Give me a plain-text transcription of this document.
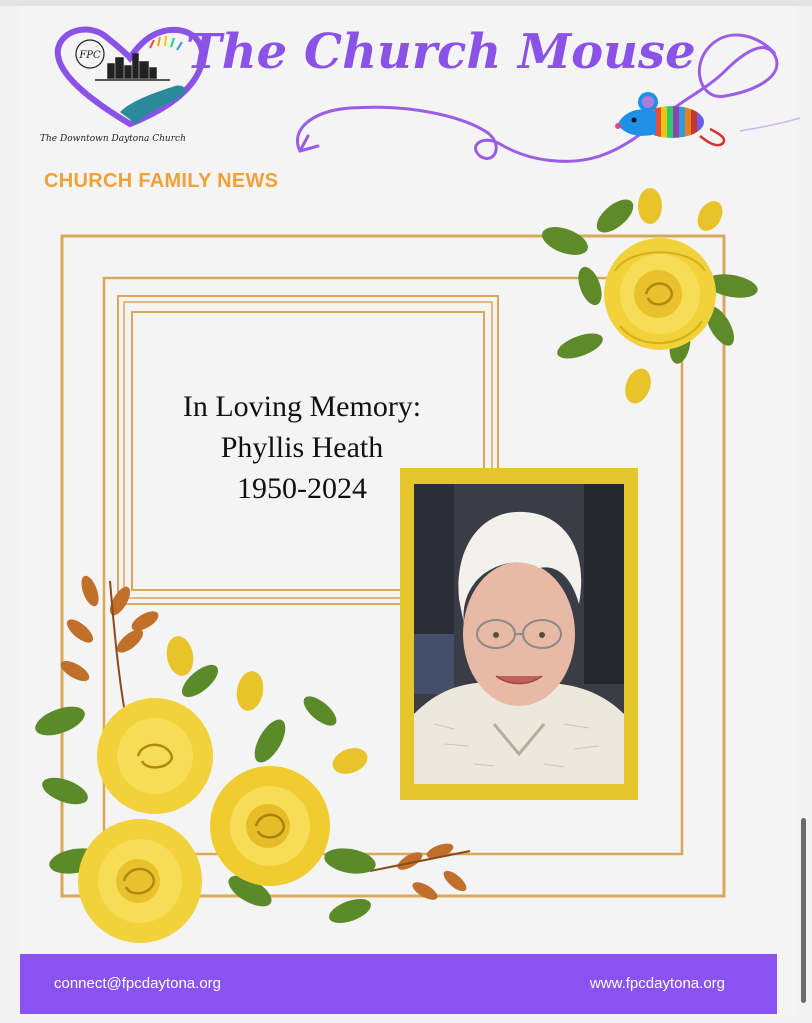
FPC
The Downtown Daytona Church
The Church Mouse
CHURCH FAMILY NEWS
In Loving Memory:
Phyllis Heath
1950-2024
connect@fpcdaytona.org	www.fpcdaytona.org
